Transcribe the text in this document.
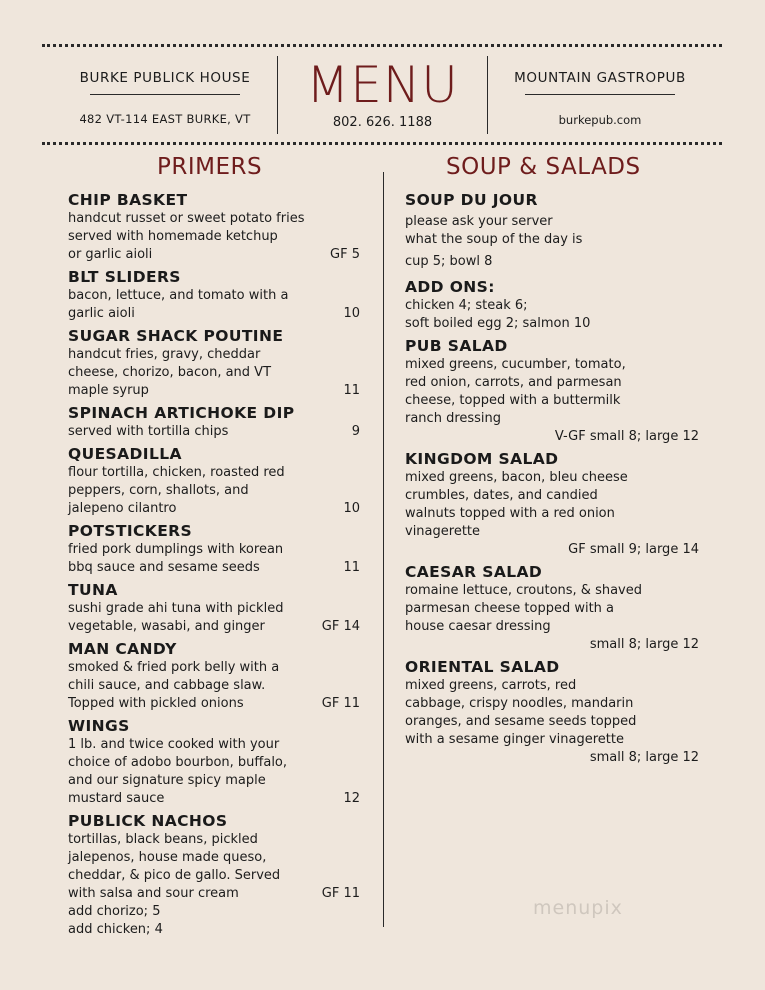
BURKE PUBLICK HOUSE
482 VT-114 EAST BURKE, VT
MENU
802. 626. 1188
MOUNTAIN GASTROPUB
burkepub.com
PRIMERS	SOUP & SALADS
CHIP BASKET
handcut russet or sweet potato fries
served with homemade ketchup
or garlic aioli	GF 5
BLT SLIDERS
bacon, lettuce, and tomato with a
garlic aioli	10
SUGAR SHACK POUTINE
handcut fries, gravy, cheddar
cheese, chorizo, bacon, and VT
maple syrup	11
SPINACH ARTICHOKE DIP
served with tortilla chips	9
QUESADILLA
flour tortilla, chicken, roasted red
peppers, corn, shallots, and
jalepeno cilantro	10
POTSTICKERS
fried pork dumplings with korean
bbq sauce and sesame seeds	11
TUNA
sushi grade ahi tuna with pickled
vegetable, wasabi, and ginger	GF 14
MAN CANDY
smoked & fried pork belly with a
chili sauce, and cabbage slaw.
Topped with pickled onions	GF 11
WINGS
1 lb. and twice cooked with your
choice of adobo bourbon, buffalo,
and our signature spicy maple
mustard sauce	12
PUBLICK NACHOS
tortillas, black beans, pickled
jalepenos, house made queso,
cheddar, & pico de gallo. Served
with salsa and sour cream	GF 11
add chorizo; 5
add chicken; 4
SOUP DU JOUR
please ask your server
what the soup of the day is
cup 5; bowl 8
ADD ONS:
chicken 4; steak 6;
soft boiled egg 2; salmon 10
PUB SALAD
mixed greens, cucumber, tomato,
red onion, carrots, and parmesan
cheese, topped with a buttermilk
ranch dressing
V-GF small 8; large 12
KINGDOM SALAD
mixed greens, bacon, bleu cheese
crumbles, dates, and candied
walnuts topped with a red onion
vinagerette
GF small 9; large 14
CAESAR SALAD
romaine lettuce, croutons, & shaved
parmesan cheese topped with a
house caesar dressing
small 8; large 12
ORIENTAL SALAD
mixed greens, carrots, red
cabbage, crispy noodles, mandarin
oranges, and sesame seeds topped
with a sesame ginger vinagerette
small 8; large 12
menupix
